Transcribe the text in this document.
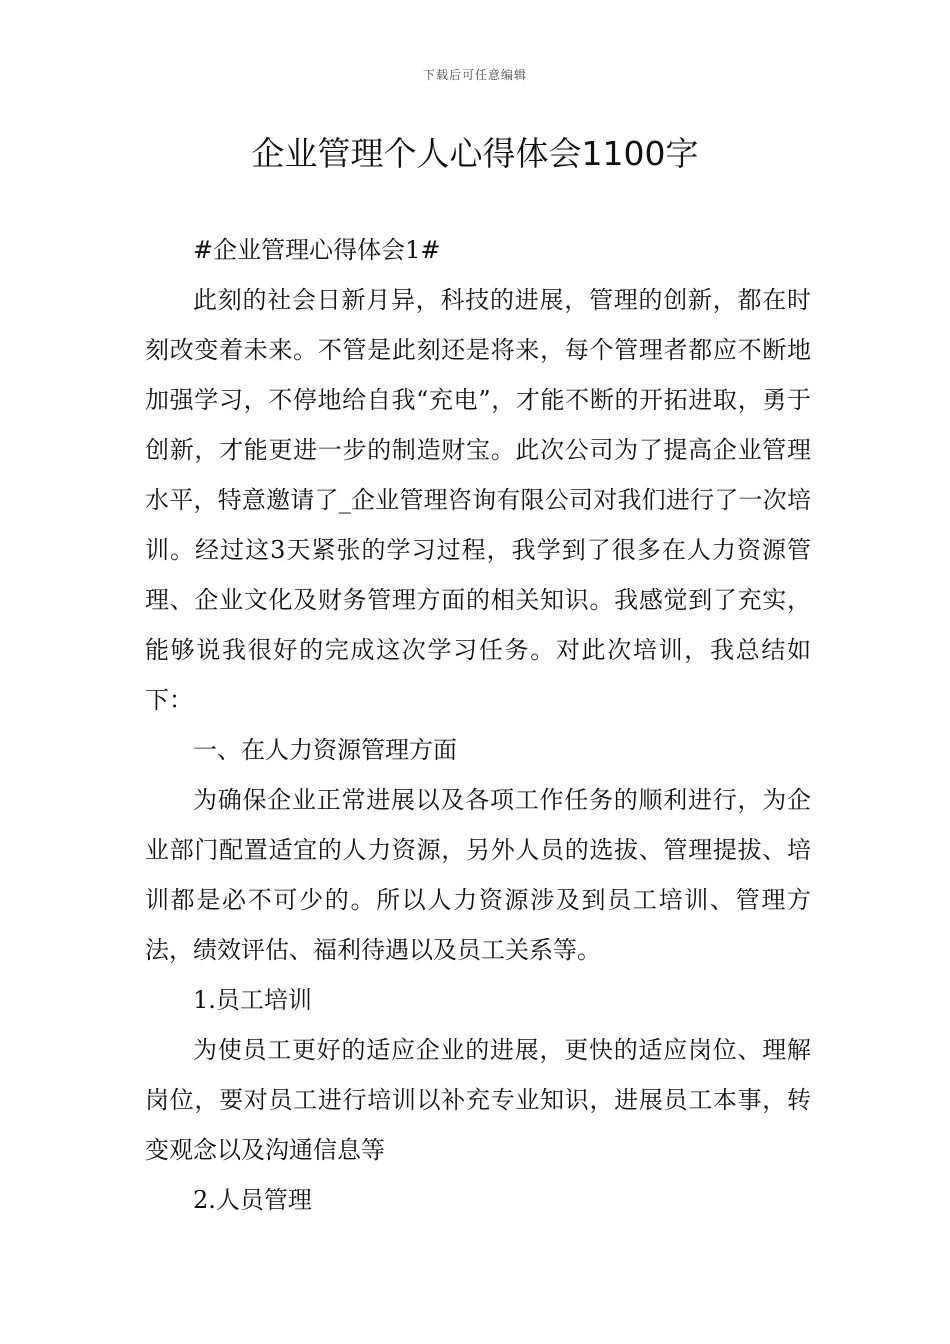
下载后可任意编辑
企业管理个人心得体会1100字

#企业管理心得体会1#

此刻的社会日新月异，科技的进展，管理的创新，都在时刻改变着未来。不管是此刻还是将来，每个管理者都应不断地加强学习，不停地给自我“充电”，才能不断的开拓进取，勇于创新，才能更进一步的制造财宝。此次公司为了提高企业管理水平，特意邀请了_企业管理咨询有限公司对我们进行了一次培训。经过这3天紧张的学习过程，我学到了很多在人力资源管理、企业文化及财务管理方面的相关知识。我感觉到了充实，能够说我很好的完成这次学习任务。对此次培训，我总结如下：

一、在人力资源管理方面

为确保企业正常进展以及各项工作任务的顺利进行，为企业部门配置适宜的人力资源，另外人员的选拔、管理提拔、培训都是必不可少的。所以人力资源涉及到员工培训、管理方法，绩效评估、福利待遇以及员工关系等。

1.员工培训

为使员工更好的适应企业的进展，更快的适应岗位、理解岗位，要对员工进行培训以补充专业知识，进展员工本事，转变观念以及沟通信息等

2.人员管理
